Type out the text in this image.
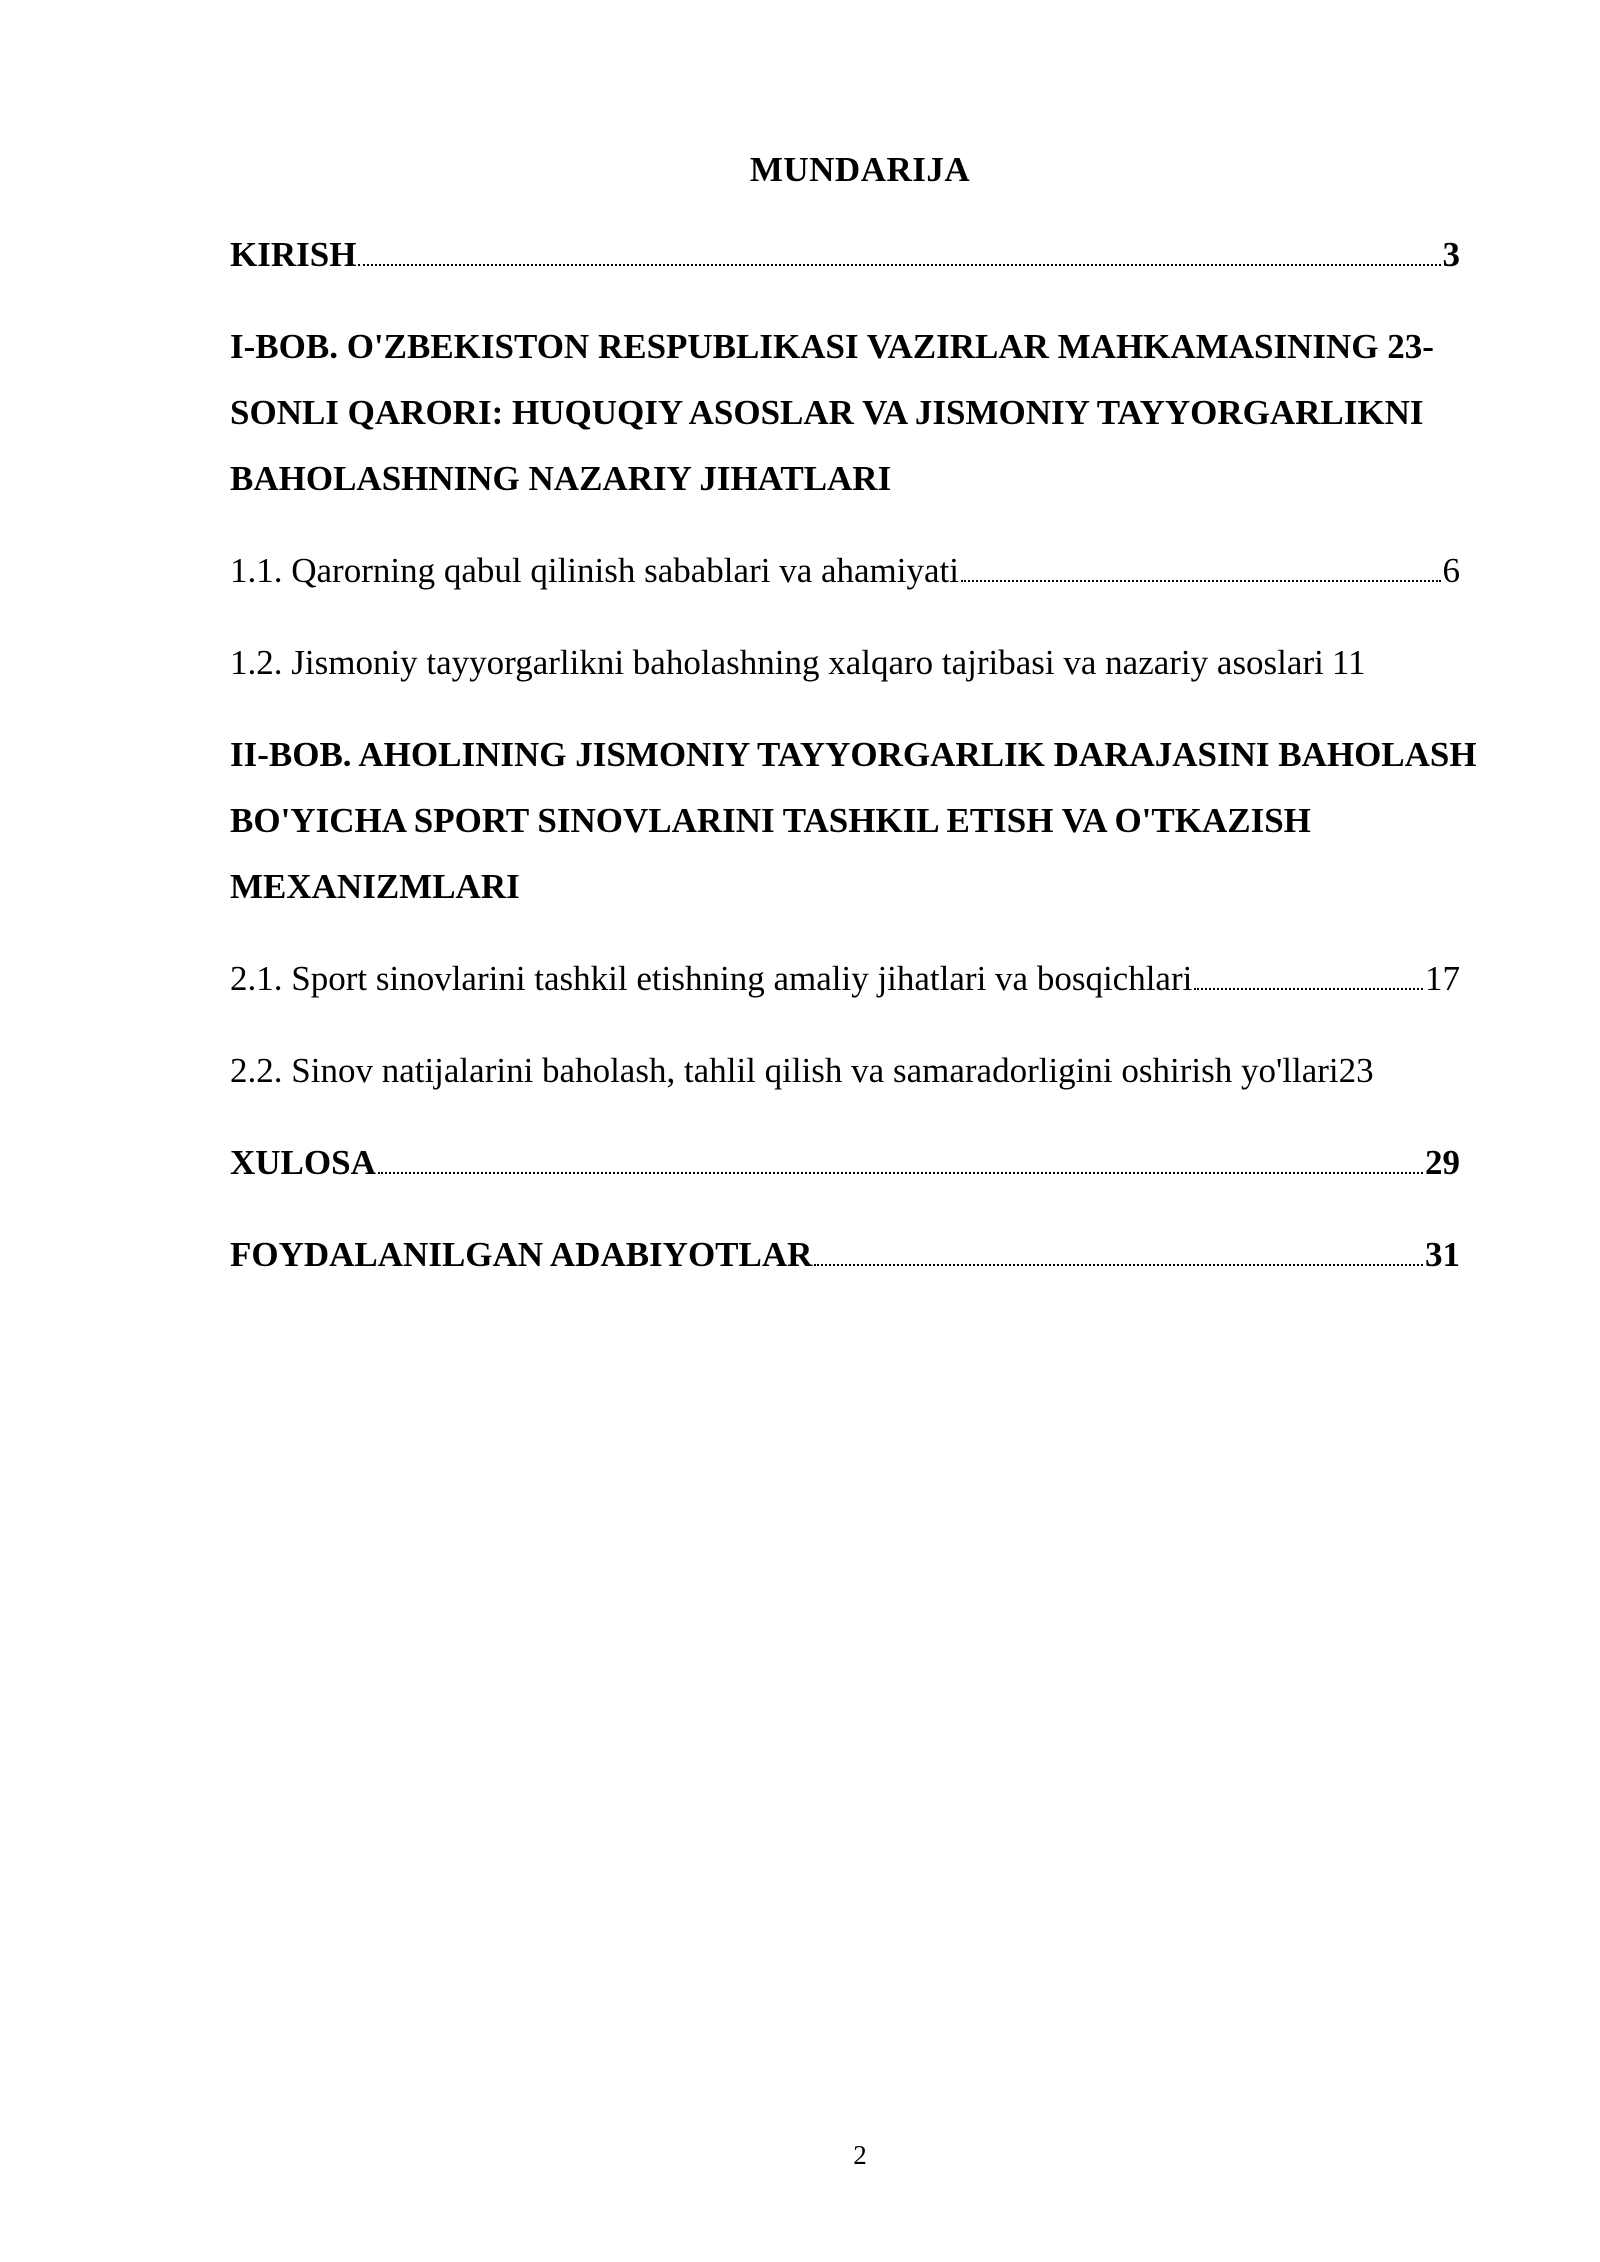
MUNDARIJA
KIRISH	3
I-BOB. O'ZBEKISTON RESPUBLIKASI VAZIRLAR MAHKAMASINING 23-SONLI QARORI: HUQUQIY ASOSLAR VA JISMONIY TAYYORGARLIKNI BAHOLASHNING NAZARIY JIHATLARI
1.1. Qarorning qabul qilinish sabablari va ahamiyati	6
1.2. Jismoniy tayyorgarlikni baholashning xalqaro tajribasi va nazariy asoslari 11
II-BOB. AHOLINING JISMONIY TAYYORGARLIK DARAJASINI BAHOLASH BO'YICHA SPORT SINOVLARINI TASHKIL ETISH VA O'TKAZISH MEXANIZMLARI
2.1. Sport sinovlarini tashkil etishning amaliy jihatlari va bosqichlari	17
2.2. Sinov natijalarini baholash, tahlil qilish va samaradorligini oshirish yo'llari 23
XULOSA	29
FOYDALANILGAN ADABIYOTLAR	31
2
